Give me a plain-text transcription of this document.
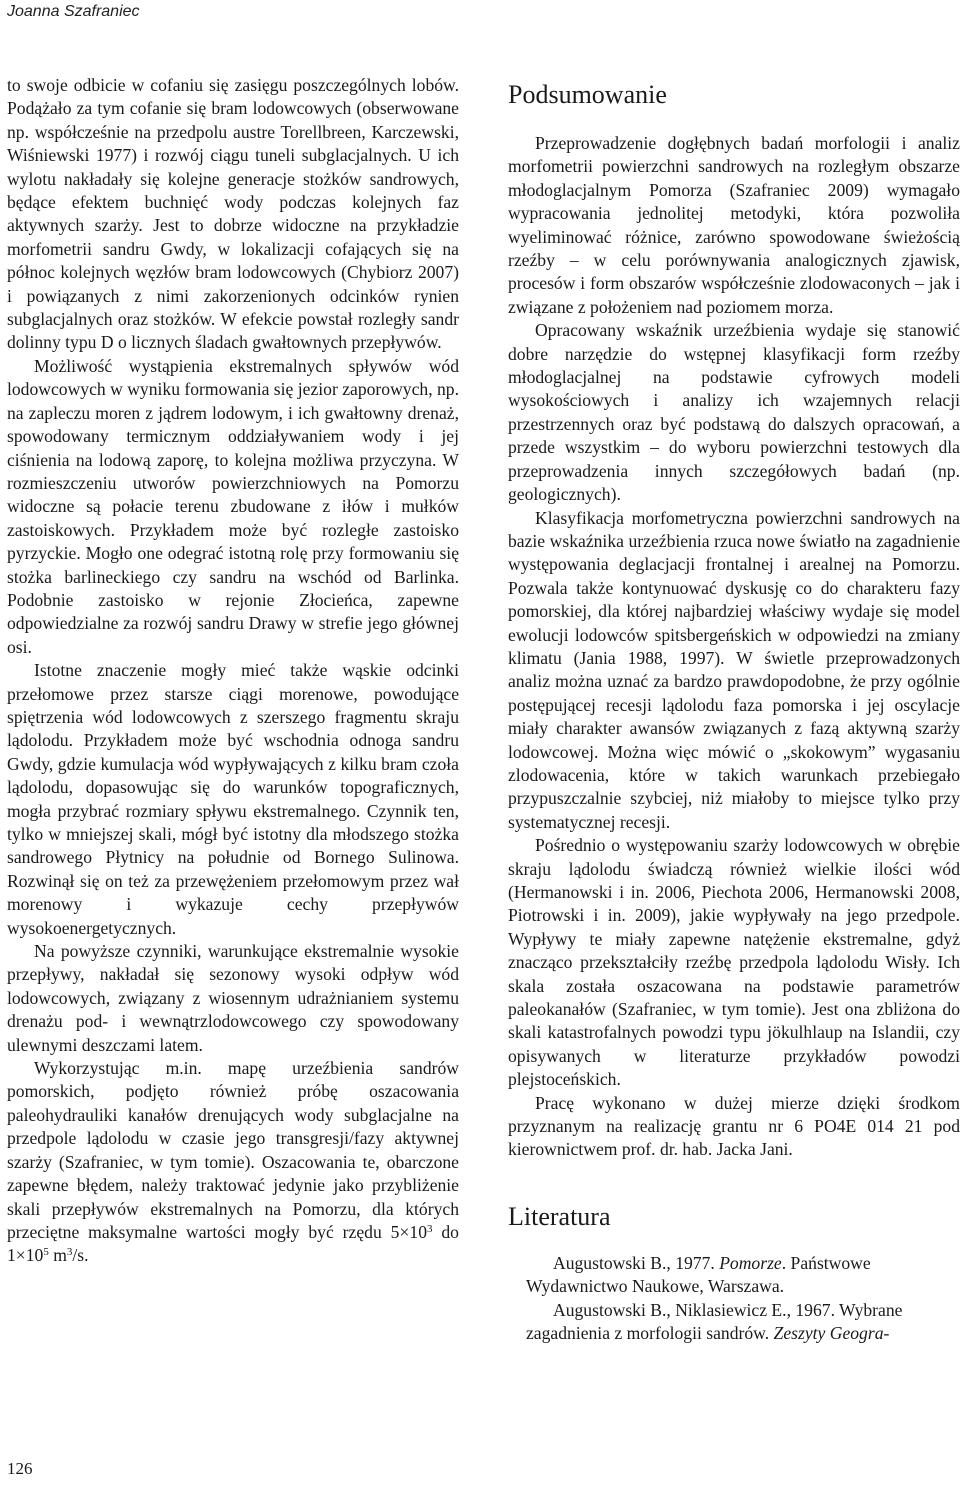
Joanna Szafraniec

to swoje odbicie w cofaniu się zasięgu poszczególnych lobów. Podążało za tym cofanie się bram lodowcowych (obserwowane np. współcześnie na przedpolu austre Torellbreen, Karczewski, Wiśniewski 1977) i rozwój ciągu tuneli subglacjalnych. U ich wylotu nakładały się kolejne generacje stożków sandrowych, będące efektem buchnięć wody podczas kolejnych faz aktywnych szarży. Jest to dobrze widoczne na przykładzie morfometrii sandru Gwdy, w lokalizacji cofających się na północ kolejnych węzłów bram lodowcowych (Chybiorz 2007) i powiązanych z nimi zakorzenionych odcinków rynien subglacjalnych oraz stożków. W efekcie powstał rozległy sandr dolinny typu D o licznych śladach gwałtownych przepływów.

Możliwość wystąpienia ekstremalnych spływów wód lodowcowych w wyniku formowania się jezior zaporowych, np. na zapleczu moren z jądrem lodowym, i ich gwałtowny drenaż, spowodowany termicznym oddziaływaniem wody i jej ciśnienia na lodową zaporę, to kolejna możliwa przyczyna. W rozmieszczeniu utworów powierzchniowych na Pomorzu widoczne są połacie terenu zbudowane z iłów i mułków zastoiskowych. Przykładem może być rozległe zastoisko pyrzyckie. Mogło one odegrać istotną rolę przy formowaniu się stożka barlineckiego czy sandru na wschód od Barlinka. Podobnie zastoisko w rejonie Złocieńca, zapewne odpowiedzialne za rozwój sandru Drawy w strefie jego głównej osi.

Istotne znaczenie mogły mieć także wąskie odcinki przełomowe przez starsze ciągi morenowe, powodujące spiętrzenia wód lodowcowych z szerszego fragmentu skraju lądolodu. Przykładem może być wschodnia odnoga sandru Gwdy, gdzie kumulacja wód wypływających z kilku bram czoła lądolodu, dopasowując się do warunków topograficznych, mogła przybrać rozmiary spływu ekstremalnego. Czynnik ten, tylko w mniejszej skali, mógł być istotny dla młodszego stożka sandrowego Płytnicy na południe od Bornego Sulinowa. Rozwinął się on też za przewężeniem przełomowym przez wał morenowy i wykazuje cechy przepływów wysokoenergetycznych.

Na powyższe czynniki, warunkujące ekstremalnie wysokie przepływy, nakładał się sezonowy wysoki odpływ wód lodowcowych, związany z wiosennym udrażnianiem systemu drenażu pod- i wewnątrzlodowcowego czy spowodowany ulewnymi deszczami latem.

Wykorzystując m.in. mapę urzeźbienia sandrów pomorskich, podjęto również próbę oszacowania paleohydrauliki kanałów drenujących wody subglacjalne na przedpole lądolodu w czasie jego transgresji/fazy aktywnej szarży (Szafraniec, w tym tomie). Oszacowania te, obarczone zapewne błędem, należy traktować jedynie jako przybliżenie skali przepływów ekstremalnych na Pomorzu, dla których przeciętne maksymalne wartości mogły być rzędu $5\times 10^3$ do $1\times 10^5$ $m^3/s$.

Podsumowanie

Przeprowadzenie dogłębnych badań morfologii i analiz morfometrii powierzchni sandrowych na rozległym obszarze młodoglacjalnym Pomorza (Szafraniec 2009) wymagało wypracowania jednolitej metodyki, która pozwoliła wyeliminować różnice, zarówno spowodowane świeżością rzeźby – w celu porównywania analogicznych zjawisk, procesów i form obszarów współcześnie zlodowaconych – jak i związane z położeniem nad poziomem morza.

Opracowany wskaźnik urzeźbienia wydaje się stanowić dobre narzędzie do wstępnej klasyfikacji form rzeźby młodoglacjalnej na podstawie cyfrowych modeli wysokościowych i analizy ich wzajemnych relacji przestrzennych oraz być podstawą do dalszych opracowań, a przede wszystkim – do wyboru powierzchni testowych dla przeprowadzenia innych szczegółowych badań (np. geologicznych).

Klasyfikacja morfometryczna powierzchni sandrowych na bazie wskaźnika urzeźbienia rzuca nowe światło na zagadnienie występowania deglacjacji frontalnej i arealnej na Pomorzu. Pozwala także kontynuować dyskusję co do charakteru fazy pomorskiej, dla której najbardziej właściwy wydaje się model ewolucji lodowców spitsbergeńskich w odpowiedzi na zmiany klimatu (Jania 1988, 1997). W świetle przeprowadzonych analiz można uznać za bardzo prawdopodobne, że przy ogólnie postępującej recesji lądolodu faza pomorska i jej oscylacje miały charakter awansów związanych z fazą aktywną szarży lodowcowej. Można więc mówić o „skokowym” wygasaniu zlodowacenia, które w takich warunkach przebiegało przypuszczalnie szybciej, niż miałoby to miejsce tylko przy systematycznej recesji.

Pośrednio o występowaniu szarży lodowcowych w obrębie skraju lądolodu świadczą również wielkie ilości wód (Hermanowski i in. 2006, Piechota 2006, Hermanowski 2008, Piotrowski i in. 2009), jakie wypływały na jego przedpole. Wypływy te miały zapewne natężenie ekstremalne, gdyż znacząco przekształciły rzeźbę przedpola lądolodu Wisły. Ich skala została oszacowana na podstawie parametrów paleokanałów (Szafraniec, w tym tomie). Jest ona zbliżona do skali katastrofalnych powodzi typu jökulhlaup na Islandii, czy opisywanych w literaturze przykładów powodzi plejstoceńskich.

Pracę wykonano w dużej mierze dzięki środkom przyznanym na realizację grantu nr 6 PO4E 014 21 pod kierownictwem prof. dr. hab. Jacka Jani.

Literatura

Augustowski B., 1977. Pomorze. Państwowe Wydawnictwo Naukowe, Warszawa.

Augustowski B., Niklasiewicz E., 1967. Wybrane zagadnienia z morfologii sandrów. Zeszyty Geogra-

126
